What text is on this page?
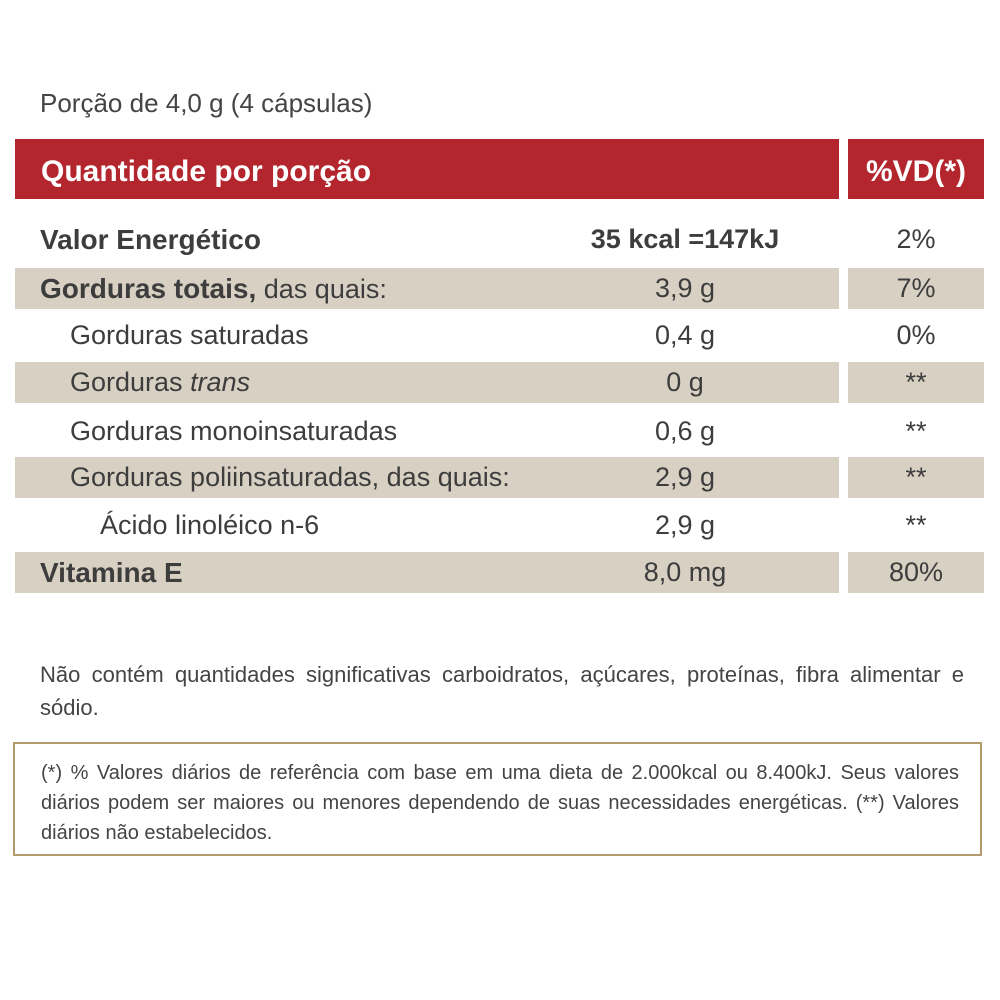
Porção de 4,0 g (4 cápsulas)
Quantidade por porção	%VD(*)
Valor Energético	35 kcal =147kJ	2%
Gorduras totais, das quais:	3,9 g	7%
Gorduras saturadas	0,4 g	0%
Gorduras trans	0 g	**
Gorduras monoinsaturadas	0,6 g	**
Gorduras poliinsaturadas, das quais:	2,9 g	**
Ácido linoléico n-6	2,9 g	**
Vitamina E	8,0 mg	80%
Não contém quantidades significativas carboidratos, açúcares, proteínas, fibra alimentar e sódio.
(*) % Valores diários de referência com base em uma dieta de 2.000kcal ou 8.400kJ. Seus valores diários podem ser maiores ou menores dependendo de suas necessidades energéticas. (**) Valores diários não estabelecidos.
